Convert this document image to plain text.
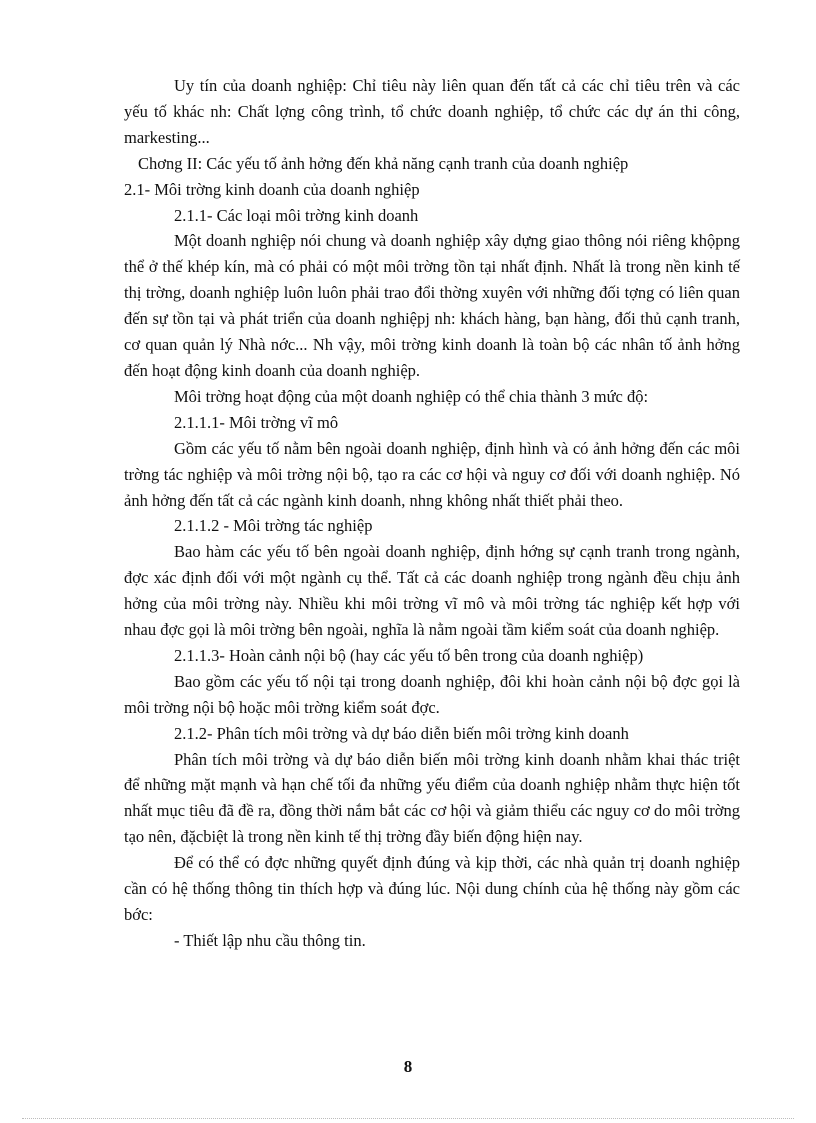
Uy tín của doanh nghiệp: Chỉ tiêu này liên quan đến tất cả các chỉ tiêu trên và các yếu tố khác nh: Chất lợng công trình, tổ chức doanh nghiệp, tổ chức các dự án thi công, markesting...

Chơng II: Các yếu tố ảnh hởng đến khả năng cạnh tranh của doanh nghiệp

2.1- Môi trờng kinh doanh của doanh nghiệp

2.1.1- Các loại môi trờng kinh doanh

Một doanh nghiệp nói chung và doanh nghiệp xây dựng giao thông nói riêng khộpng thể ở thế khép kín, mà có phải có một môi trờng tồn tại nhất định. Nhất là trong nền kinh tế thị trờng, doanh nghiệp luôn luôn phải trao đổi thờng xuyên với những đối tợng có liên quan đến sự tồn tại và phát triển của doanh nghiệpj nh: khách hàng, bạn hàng, đối thủ cạnh tranh, cơ quan quản lý Nhà nớc... Nh vậy, môi trờng kinh doanh là toàn bộ các nhân tố ảnh hởng đến hoạt động kinh doanh của doanh nghiệp.

Môi trờng hoạt động của một doanh nghiệp có thể chia thành 3 mức độ:

2.1.1.1- Môi trờng vĩ mô

Gồm các yếu tố nằm bên ngoài doanh nghiệp, định hình và có ảnh hởng đến các môi trờng tác nghiệp và môi trờng nội bộ, tạo ra các cơ hội và nguy cơ đối với doanh nghiệp. Nó ảnh hởng đến tất cả các ngành kinh doanh, nhng không nhất thiết phải theo.

2.1.1.2 - Môi trờng tác nghiệp

Bao hàm các yếu tố bên ngoài doanh nghiệp, định hớng sự cạnh tranh trong ngành, đợc xác định đối với một ngành cụ thể. Tất cả các doanh nghiệp trong ngành đều chịu ảnh hởng của môi trờng này. Nhiều khi môi trờng vĩ mô và môi trờng tác nghiệp kết hợp với nhau đợc gọi là môi trờng bên ngoài, nghĩa là nằm ngoài tầm kiểm soát của doanh nghiệp.

2.1.1.3- Hoàn cảnh nội bộ (hay các yếu tố bên trong của doanh nghiệp)

Bao gồm các yếu tố nội tại trong doanh nghiệp, đôi khi hoàn cảnh nội bộ đợc gọi là môi trờng nội bộ hoặc môi trờng kiểm soát đợc.

2.1.2- Phân tích môi trờng và dự báo diễn biến môi trờng kinh doanh

Phân tích môi trờng và dự báo diễn biến môi trờng kinh doanh nhằm khai thác triệt để những mặt mạnh và hạn chế tối đa những yếu điểm của doanh nghiệp nhằm thực hiện tốt nhất mục tiêu đã đề ra, đồng thời nắm bắt các cơ hội và giảm thiểu các nguy cơ do môi trờng tạo nên, đặcbiệt là trong nền kinh tế thị trờng đầy biến động hiện nay.

Để có thể có đợc những quyết định đúng và kịp thời, các nhà quản trị doanh nghiệp cần có hệ thống thông tin thích hợp và đúng lúc. Nội dung chính của hệ thống này gồm các bớc:

- Thiết lập nhu cầu thông tin.

8
